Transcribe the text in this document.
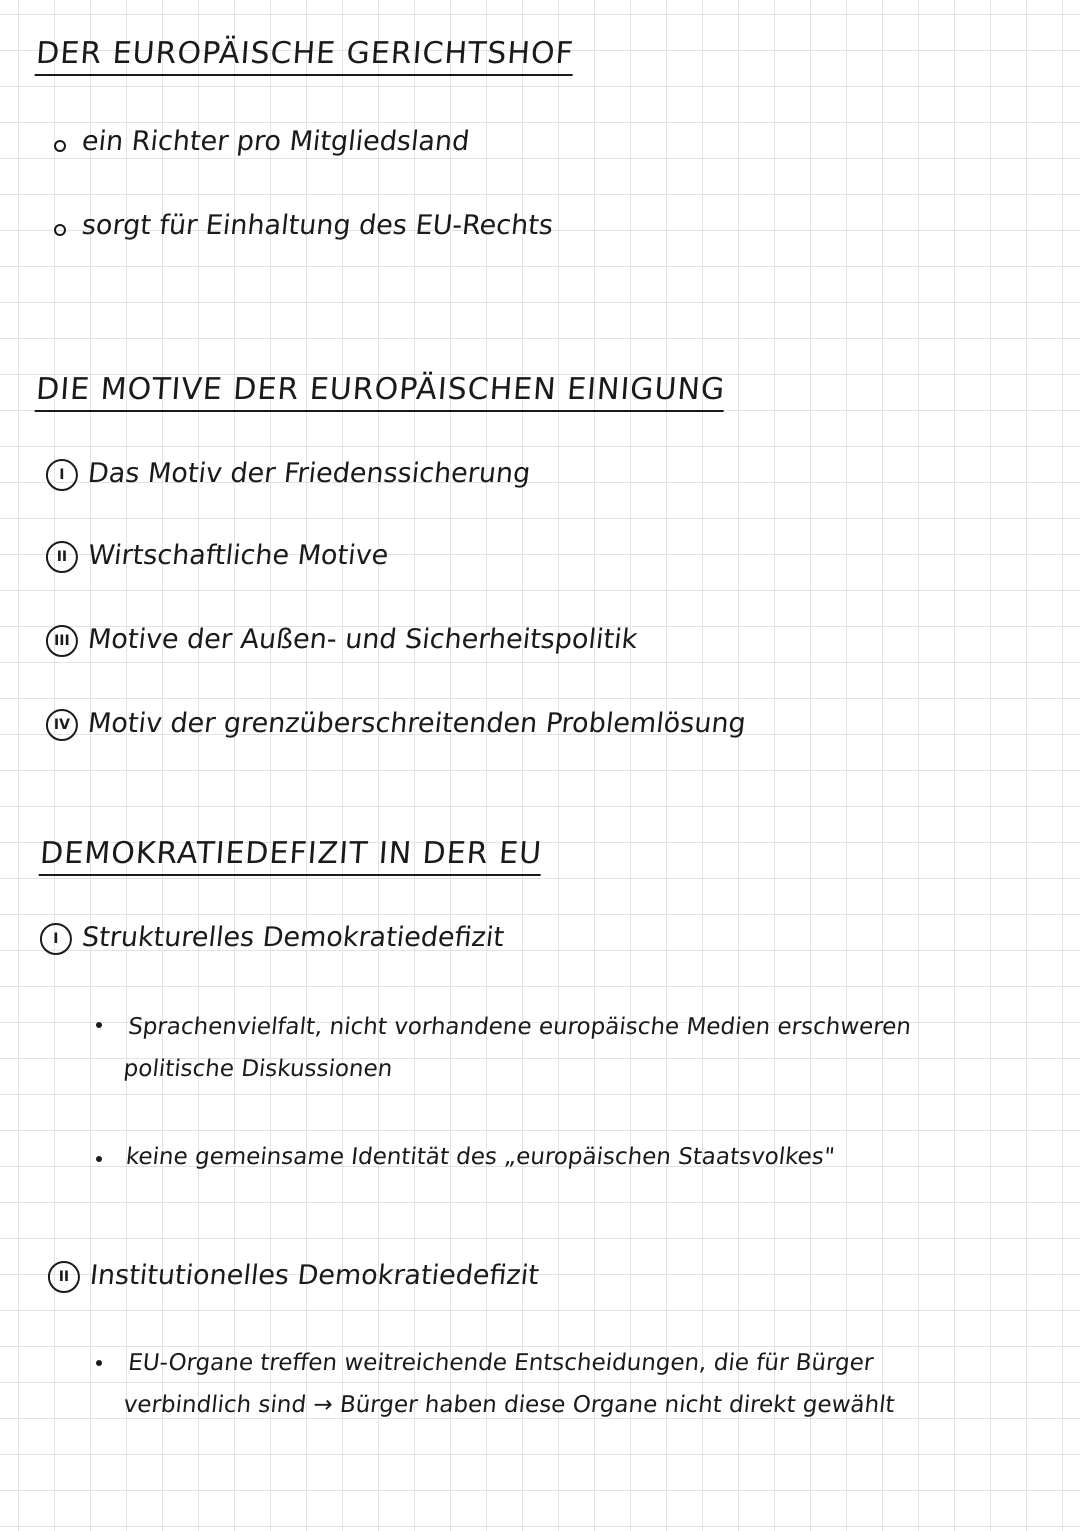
DER EUROPÄISCHE GERICHTSHOF
ein Richter pro Mitgliedsland
sorgt für Einhaltung des EU-Rechts
DIE MOTIVE DER EUROPÄISCHEN EINIGUNG
I Das Motiv der Friedenssicherung
II Wirtschaftliche Motive
III Motive der Außen- und Sicherheitspolitik
IV Motiv der grenzüberschreitenden Problemlösung
DEMOKRATIEDEFIZIT IN DER EU
I Strukturelles Demokratiedefizit
Sprachenvielfalt, nicht vorhandene europäische Medien erschweren politische Diskussionen
keine gemeinsame Identität des „europäischen Staatsvolkes"
II Institutionelles Demokratiedefizit
EU-Organe treffen weitreichende Entscheidungen, die für Bürger verbindlich sind → Bürger haben diese Organe nicht direkt gewählt
